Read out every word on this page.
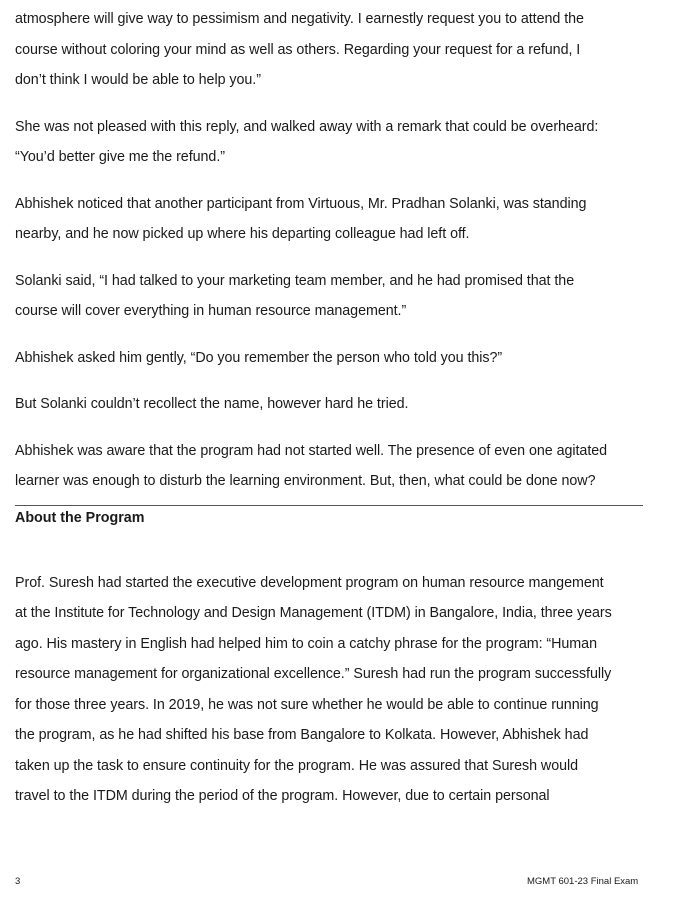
atmosphere will give way to pessimism and negativity. I earnestly request you to attend the
course without coloring your mind as well as others. Regarding your request for a refund, I
don’t think I would be able to help you.”

She was not pleased with this reply, and walked away with a remark that could be overheard:
“You’d better give me the refund.”

Abhishek noticed that another participant from Virtuous, Mr. Pradhan Solanki, was standing
nearby, and he now picked up where his departing colleague had left off.

Solanki said, “I had talked to your marketing team member, and he had promised that the
course will cover everything in human resource management.”

Abhishek asked him gently, “Do you remember the person who told you this?”

But Solanki couldn’t recollect the name, however hard he tried.

Abhishek was aware that the program had not started well. The presence of even one agitated
learner was enough to disturb the learning environment. But, then, what could be done now?

About the Program

Prof. Suresh had started the executive development program on human resource mangement
at the Institute for Technology and Design Management (ITDM) in Bangalore, India, three years
ago. His mastery in English had helped him to coin a catchy phrase for the program: “Human
resource management for organizational excellence.” Suresh had run the program successfully
for those three years. In 2019, he was not sure whether he would be able to continue running
the program, as he had shifted his base from Bangalore to Kolkata. However, Abhishek had
taken up the task to ensure continuity for the program. He was assured that Suresh would
travel to the ITDM during the period of the program. However, due to certain personal

3	MGMT 601-23 Final Exam
